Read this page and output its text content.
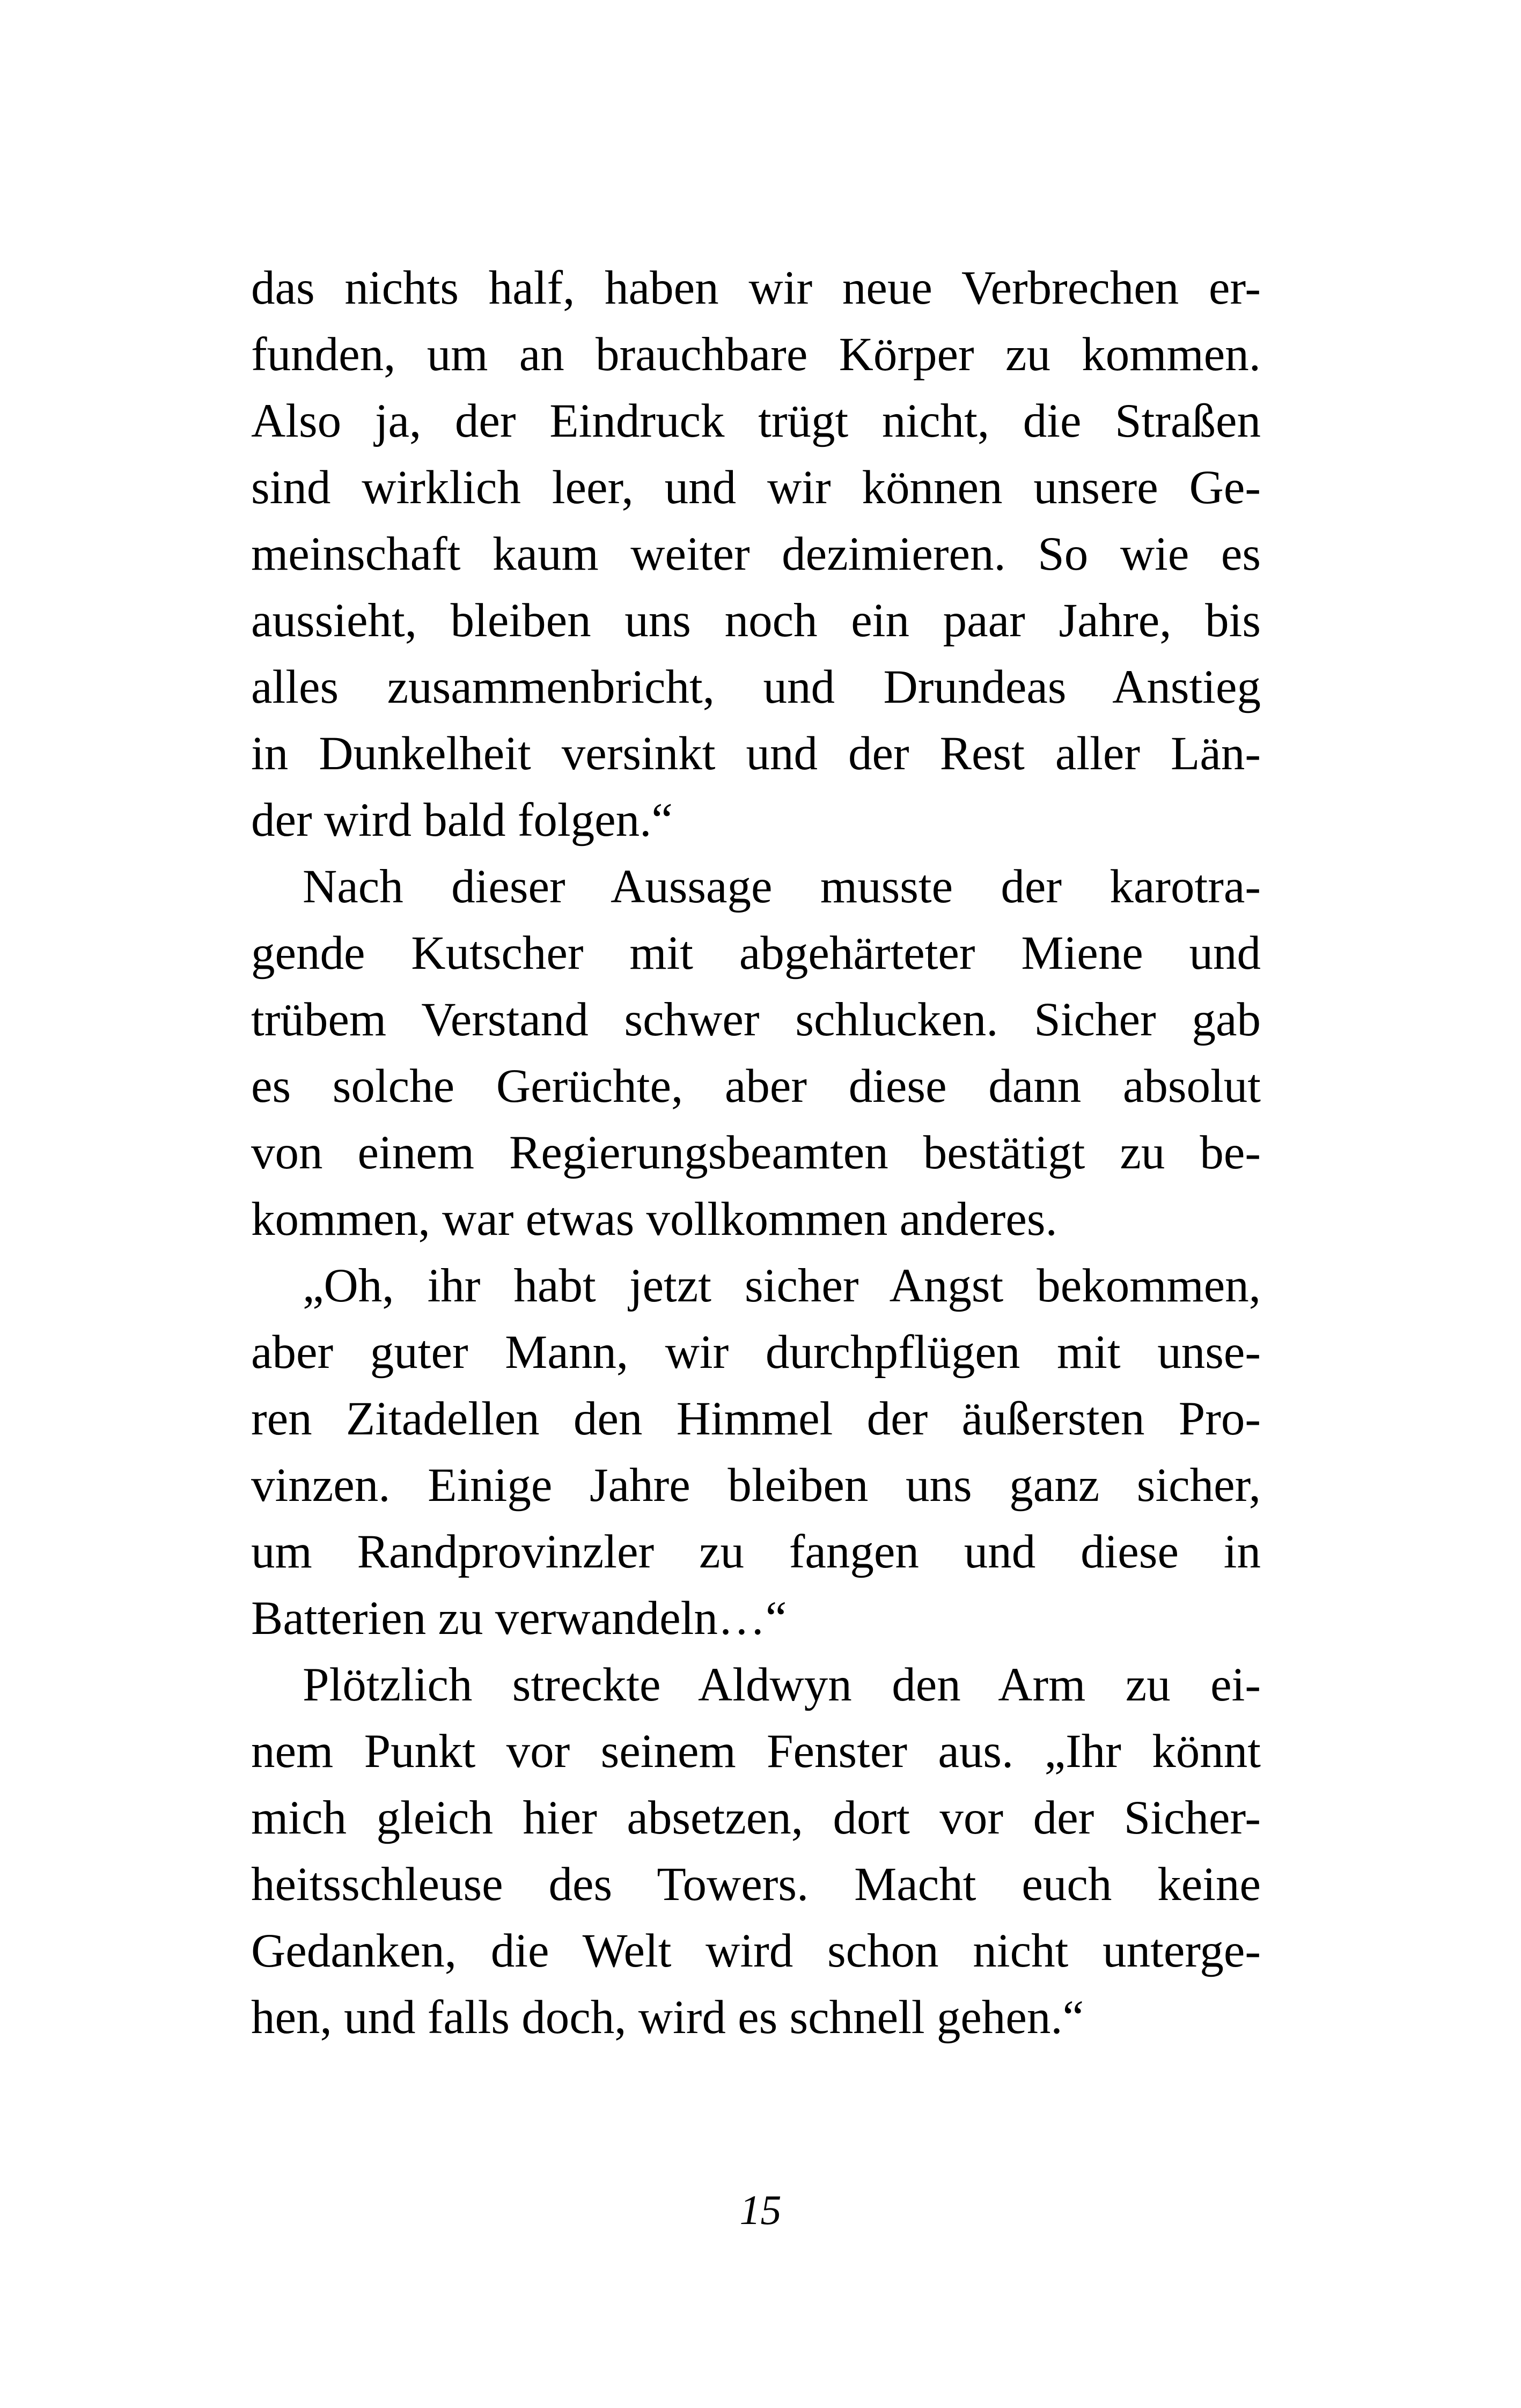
das nichts half, haben wir neue Verbrechen er-
funden, um an brauchbare Körper zu kommen.
Also ja, der Eindruck trügt nicht, die Straßen
sind wirklich leer, und wir können unsere Ge-
meinschaft kaum weiter dezimieren. So wie es
aussieht, bleiben uns noch ein paar Jahre, bis
alles zusammenbricht, und Drundeas Anstieg
in Dunkelheit versinkt und der Rest aller Län-
der wird bald folgen.“
Nach dieser Aussage musste der karotra-
gende Kutscher mit abgehärteter Miene und
trübem Verstand schwer schlucken. Sicher gab
es solche Gerüchte, aber diese dann absolut
von einem Regierungsbeamten bestätigt zu be-
kommen, war etwas vollkommen anderes.
„Oh, ihr habt jetzt sicher Angst bekommen,
aber guter Mann, wir durchpflügen mit unse-
ren Zitadellen den Himmel der äußersten Pro-
vinzen. Einige Jahre bleiben uns ganz sicher,
um Randprovinzler zu fangen und diese in
Batterien zu verwandeln…“
Plötzlich streckte Aldwyn den Arm zu ei-
nem Punkt vor seinem Fenster aus. „Ihr könnt
mich gleich hier absetzen, dort vor der Sicher-
heitsschleuse des Towers. Macht euch keine
Gedanken, die Welt wird schon nicht unterge-
hen, und falls doch, wird es schnell gehen.“
15
